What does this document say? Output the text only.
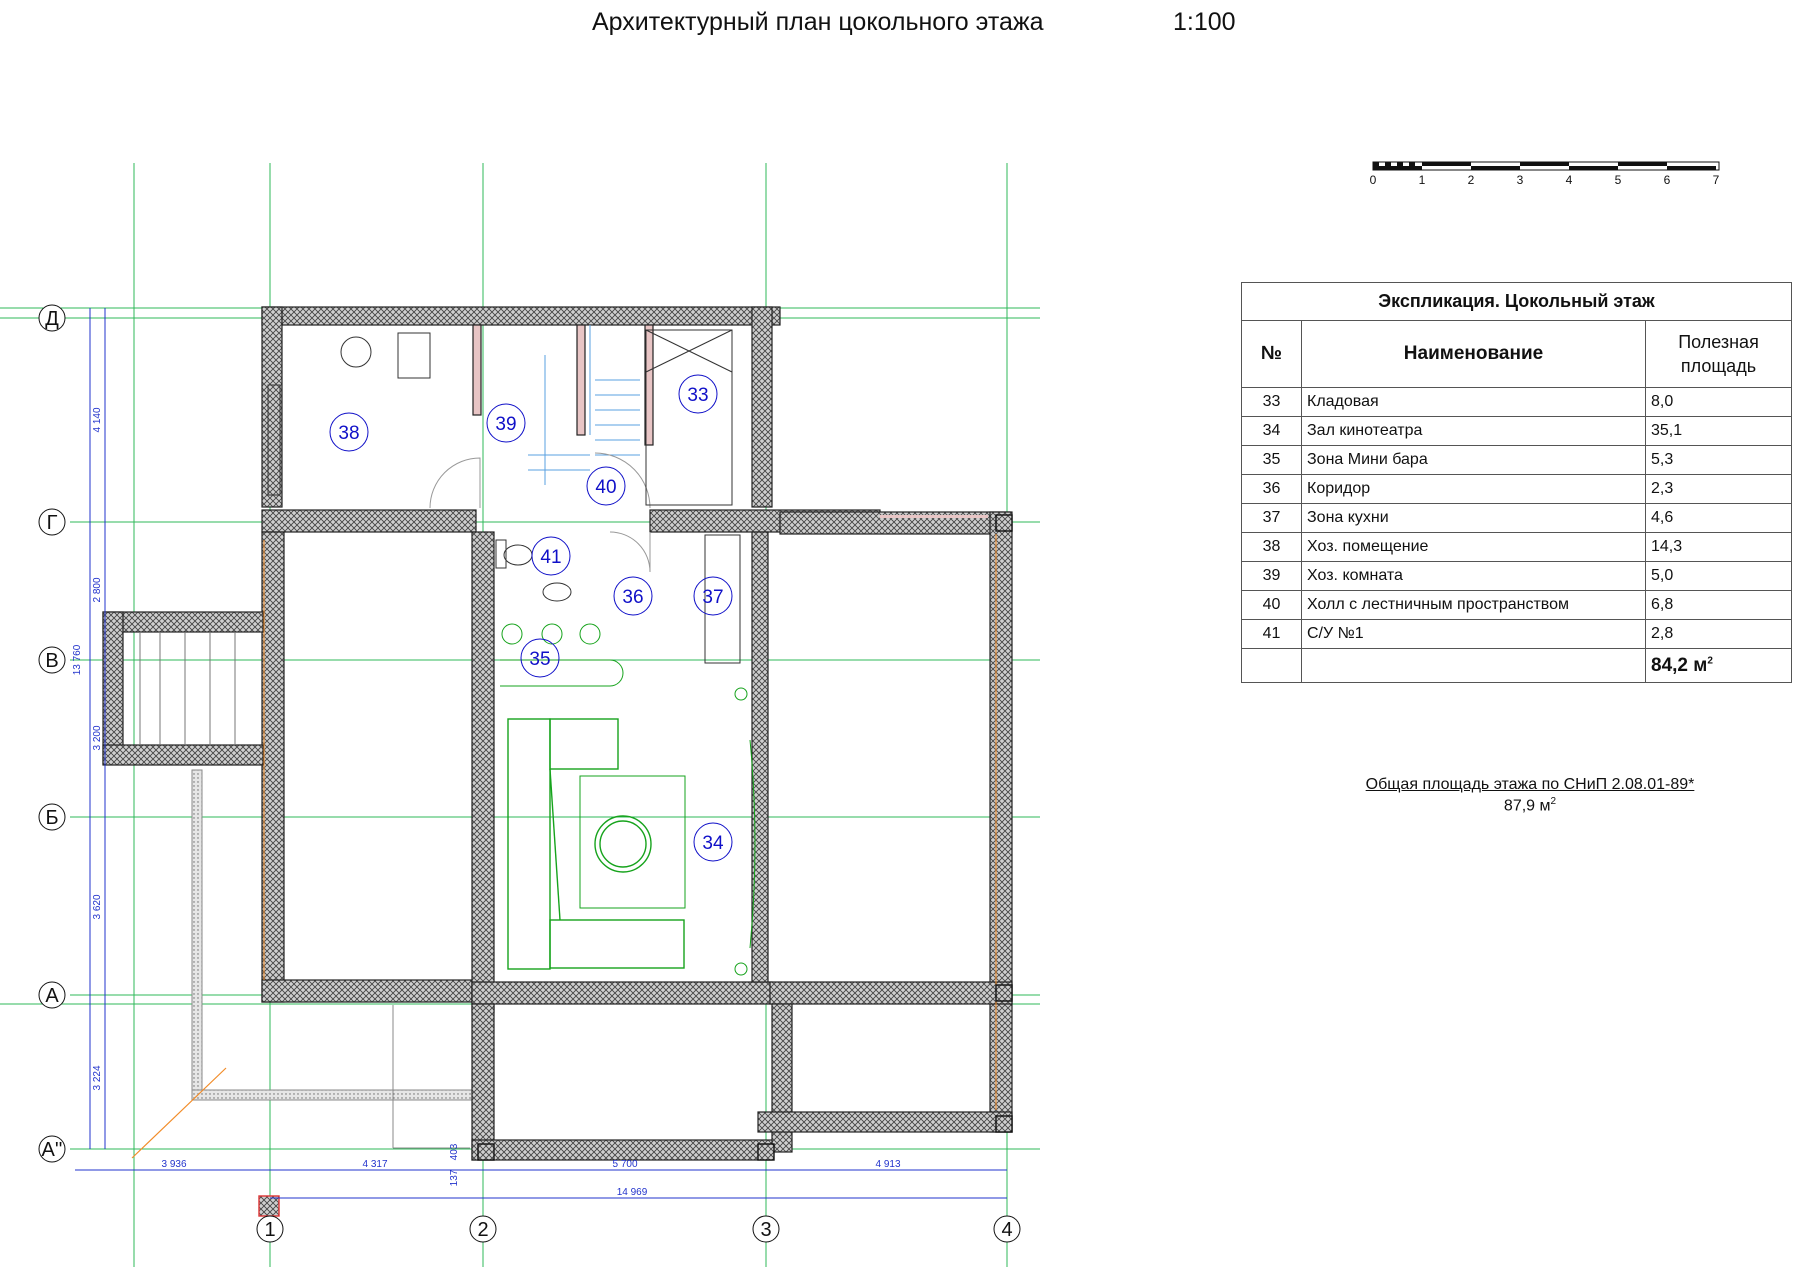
Архитектурный план цокольного этажа	1:100
0	1	2	3	4	5	6	7
38	39
33
40
41
36	37
35
34
Д
Г
В
Б
А
А''
1	2	3	4
4 140
2 800
3 200
3 620
3 224
13 760
3 936	4 317	5 700	4 913
14 969
403
137
Экспликация. Цокольный этаж		
№	Наименование	Полезная площадь
33	Кладовая	8,0
34	Зал кинотеатра	35,1
35	Зона Мини бара	5,3
36	Коридор	2,3
37	Зона кухни	4,6
38	Хоз. помещение	14,3
39	Хоз. комната	5,0
40	Холл с лестничным пространством	6,8
41	С/У №1	2,8
		84,2 $м^2$
Общая площадь этажа по СНиП 2.08.01-89*
87,9 $м^2$
